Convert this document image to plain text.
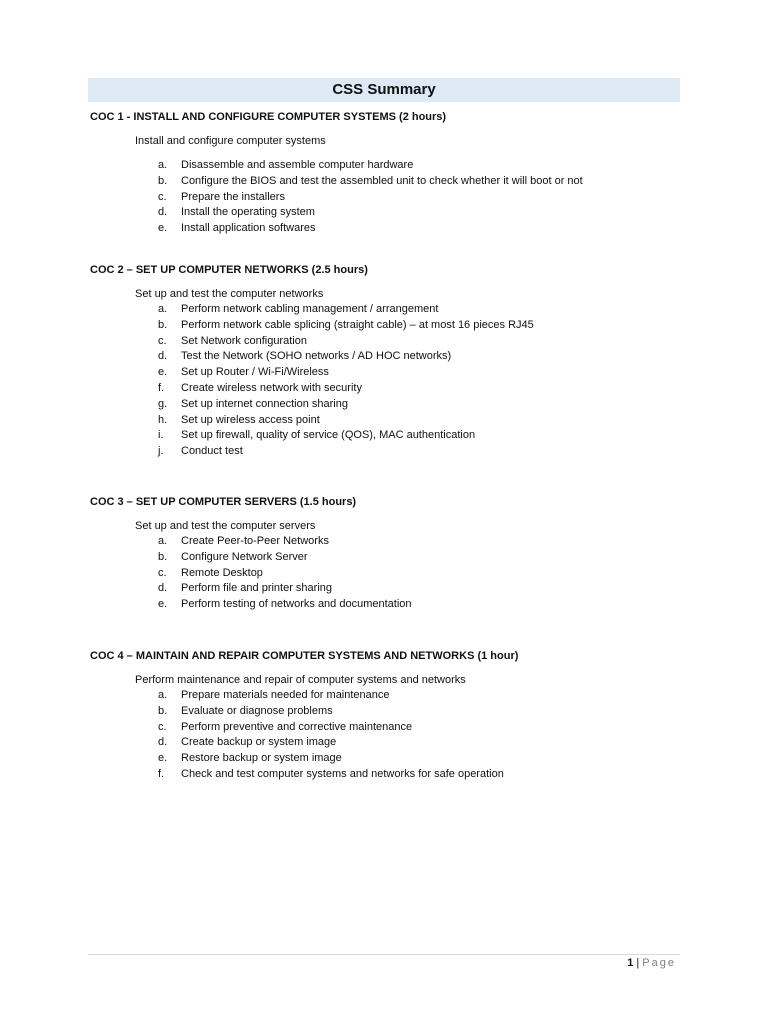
CSS Summary
COC 1 - INSTALL AND CONFIGURE COMPUTER SYSTEMS (2 hours)
Install and configure computer systems
a.	Disassemble and assemble computer hardware
b.	Configure the BIOS and test the assembled unit to check whether it will boot or not
c.	Prepare the installers
d.	Install the operating system
e.	Install application softwares
COC 2 – SET UP COMPUTER NETWORKS (2.5 hours)
Set up and test the computer networks
a.	Perform network cabling management / arrangement
b.	Perform network cable splicing (straight cable) – at most 16 pieces RJ45
c.	Set Network configuration
d.	Test the Network (SOHO networks / AD HOC networks)
e.	Set up Router / Wi-Fi/Wireless
f.	Create wireless network with security
g.	Set up internet connection sharing
h.	Set up wireless access point
i.	Set up firewall, quality of service (QOS), MAC authentication
j.	Conduct test
COC 3 – SET UP COMPUTER SERVERS (1.5 hours)
Set up and test the computer servers
a.	Create Peer-to-Peer Networks
b.	Configure Network Server
c.	Remote Desktop
d.	Perform file and printer sharing
e.	Perform testing of networks and documentation
COC 4 – MAINTAIN AND REPAIR COMPUTER SYSTEMS AND NETWORKS (1 hour)
Perform maintenance and repair of computer systems and networks
a.	Prepare materials needed for maintenance
b.	Evaluate or diagnose problems
c.	Perform preventive and corrective maintenance
d.	Create backup or system image
e.	Restore backup or system image
f.	Check and test computer systems and networks for safe operation
1 | Page
